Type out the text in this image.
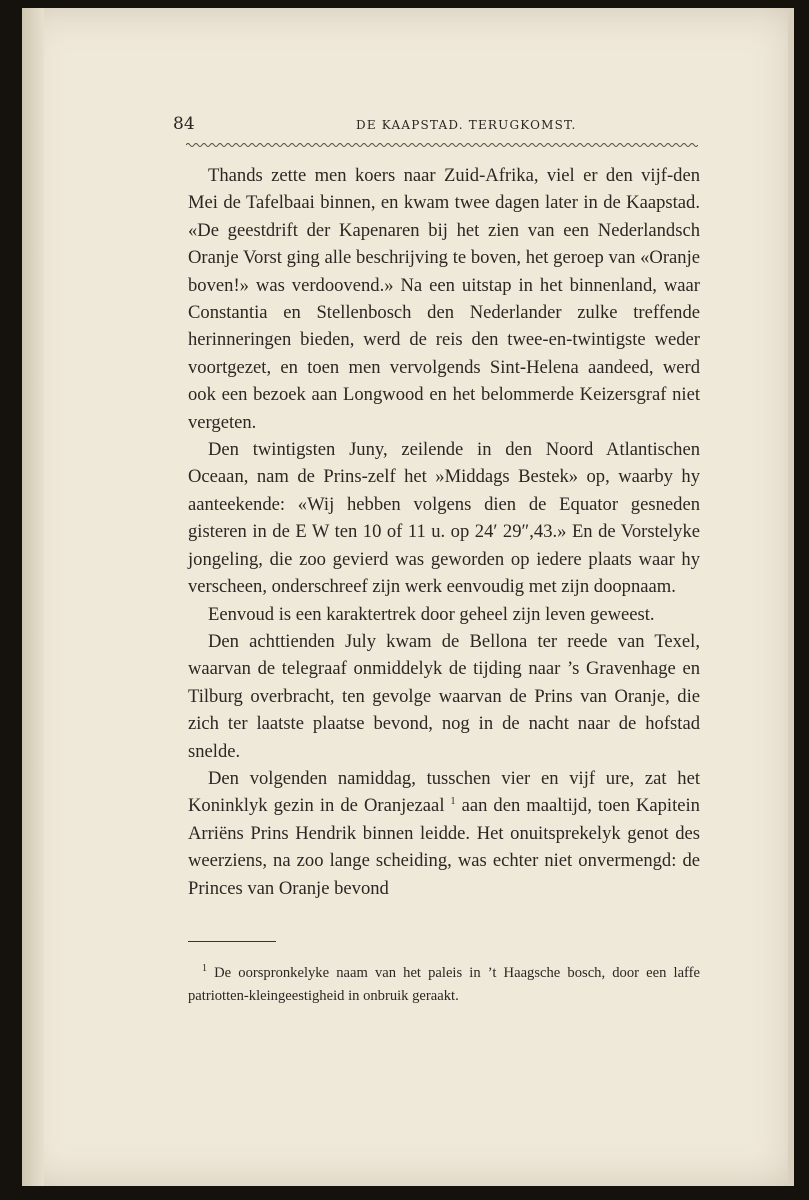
84	DE KAAPSTAD. TERUGKOMST.

Thands zette men koers naar Zuid-Afrika, viel er den vijf-den Mei de Tafelbaai binnen, en kwam twee dagen later in de Kaapstad. «De geestdrift der Kapenaren bij het zien van een Nederlandsch Oranje Vorst ging alle beschrijving te boven, het geroep van «Oranje boven!» was verdoovend.» Na een uitstap in het binnenland, waar Constantia en Stellenbosch den Nederlander zulke treffende herinneringen bieden, werd de reis den twee-en-twintigste weder voortgezet, en toen men vervolgends Sint-Helena aandeed, werd ook een bezoek aan Longwood en het belommerde Keizersgraf niet vergeten.

Den twintigsten Juny, zeilende in den Noord Atlantischen Oceaan, nam de Prins-zelf het »Middags Bestek» op, waarby hy aanteekende: «Wij hebben volgens dien de Equator gesneden gisteren in de E W ten 10 of 11 u. op 24′ 29″,43.» En de Vorstelyke jongeling, die zoo gevierd was geworden op iedere plaats waar hy verscheen, onderschreef zijn werk eenvoudig met zijn doopnaam.

Eenvoud is een karaktertrek door geheel zijn leven geweest.

Den achttienden July kwam de Bellona ter reede van Texel, waarvan de telegraaf onmiddelyk de tijding naar ’s Gravenhage en Tilburg overbracht, ten gevolge waarvan de Prins van Oranje, die zich ter laatste plaatse bevond, nog in de nacht naar de hofstad snelde.

Den volgenden namiddag, tusschen vier en vijf ure, zat het Koninklyk gezin in de Oranjezaal $^1$ aan den maaltijd, toen Kapitein Arriëns Prins Hendrik binnen leidde. Het onuitsprekelyk genot des weerziens, na zoo lange scheiding, was echter niet onvermengd: de Princes van Oranje bevond

$^1$ De oorspronkelyke naam van het paleis in ’t Haagsche bosch, door een laffe patriotten-kleingeestigheid in onbruik geraakt.
